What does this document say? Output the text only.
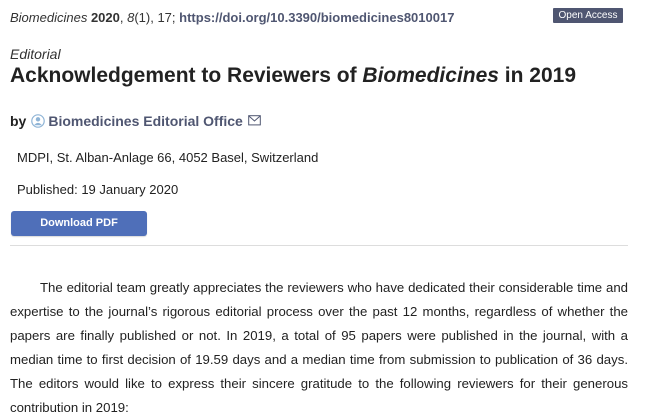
Biomedicines 2020, 8(1), 17; https://doi.org/10.3390/biomedicines8010017	Open Access
Editorial
Acknowledgement to Reviewers of Biomedicines in 2019
by Biomedicines Editorial Office
MDPI, St. Alban-Anlage 66, 4052 Basel, Switzerland
Published: 19 January 2020
Download PDF

The editorial team greatly appreciates the reviewers who have dedicated their considerable time and expertise to the journal’s rigorous editorial process over the past 12 months, regardless of whether the papers are finally published or not. In 2019, a total of 95 papers were published in the journal, with a median time to first decision of 19.59 days and a median time from submission to publication of 36 days. The editors would like to express their sincere gratitude to the following reviewers for their generous contribution in 2019:
